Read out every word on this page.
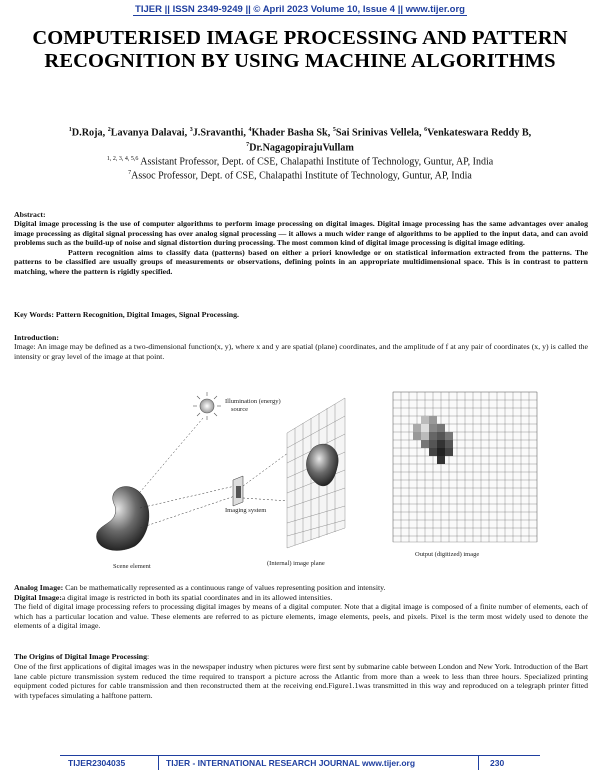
TIJER || ISSN 2349-9249 || © April 2023 Volume 10, Issue 4 || www.tijer.org
COMPUTERISED IMAGE PROCESSING AND PATTERN RECOGNITION BY USING MACHINE ALGORITHMS
$^1$D.Roja, $^2$Lavanya Dalavai, $^3$J.Sravanthi, $^4$Khader Basha Sk, $^5$Sai Srinivas Vellela, $^6$Venkateswara Reddy B,
$^7$Dr.NagagopirajuVullam
$^{1, 2, 3, 4, 5,6}$ Assistant Professor, Dept. of CSE, Chalapathi Institute of Technology, Guntur, AP, India
$^7$Assoc Professor, Dept. of CSE, Chalapathi Institute of Technology, Guntur, AP, India
Abstract:

Digital image processing is the use of computer algorithms to perform image processing on digital images. Digital image processing has the same advantages over analog image processing as digital signal processing has over analog signal processing — it allows a much wider range of algorithms to be applied to the input data, and can avoid problems such as the build-up of noise and signal distortion during processing. The most common kind of digital image processing is digital image editing.

Pattern recognition aims to classify data (patterns) based on either a priori knowledge or on statistical information extracted from the patterns. The patterns to be classified are usually groups of measurements or observations, defining points in an appropriate multidimensional space. This is in contrast to pattern matching, where the pattern is rigidly specified.

Key Words: Pattern Recognition, Digital Images, Signal Processing.
Introduction:
Image: An image may be defined as a two-dimensional function(x, y), where x and y are spatial (plane) coordinates, and the amplitude of f at any pair of coordinates (x, y) is called the intensity or gray level of the image at that point.
Illumination (energy)
source
Scene element
Imaging system
(Internal) image plane
Output (digitized) image

Analog Image: Can be mathematically represented as a continuous range of values representing position and intensity.

Digital Image:a digital image is restricted in both its spatial coordinates and in its allowed intensities.

The field of digital image processing refers to processing digital images by means of a digital computer. Note that a digital image is composed of a finite number of elements, each of which has a particular location and value. These elements are referred to as picture elements, image elements, peels, and pixels. Pixel is the term most widely used to denote the elements of a digital image.

The Origins of Digital Image Processing:
One of the first applications of digital images was in the newspaper industry when pictures were first sent by submarine cable between London and New York. Introduction of the Bart lane cable picture transmission system reduced the time required to transport a picture across the Atlantic from more than a week to less than three hours. Specialized printing equipment coded pictures for cable transmission and then reconstructed them at the receiving end.Figure1.1was transmitted in this way and reproduced on a telegraph printer fitted with typefaces simulating a halftone pattern.
TIJER2304035	TIJER - INTERNATIONAL RESEARCH JOURNAL www.tijer.org	230
